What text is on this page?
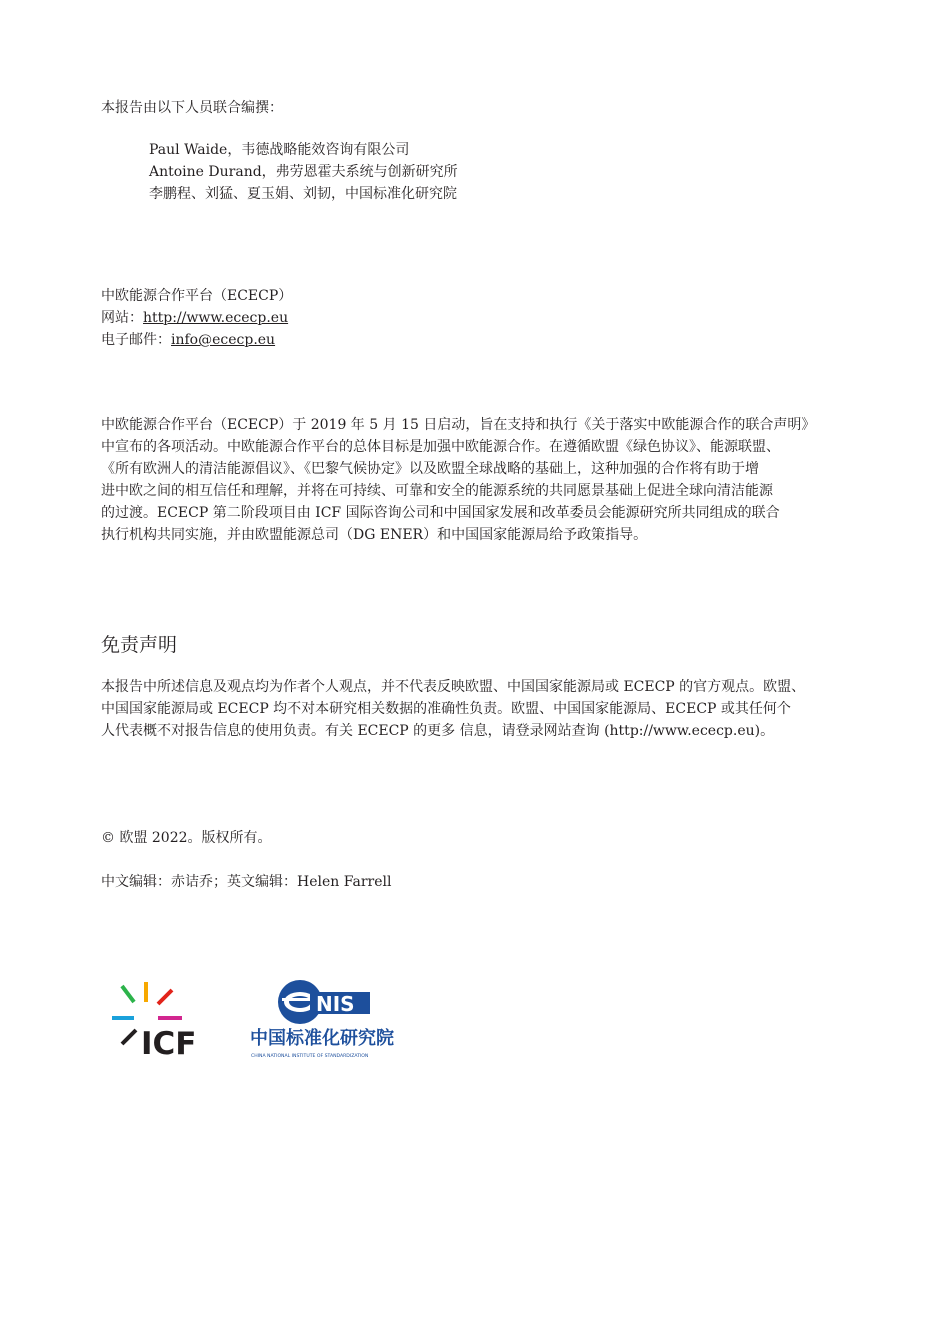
本报告由以下人员联合编撰：
Paul Waide，韦德战略能效咨询有限公司
Antoine Durand，弗劳恩霍夫系统与创新研究所
李鹏程、刘猛、夏玉娟、刘韧，中国标准化研究院
中欧能源合作平台（ECECP）
网站：http://www.ececp.eu
电子邮件：info@ececp.eu
中欧能源合作平台（ECECP）于 2019 年 5 月 15 日启动，旨在支持和执行《关于落实中欧能源合作的联合声明》
中宣布的各项活动。中欧能源合作平台的总体目标是加强中欧能源合作。在遵循欧盟《绿色协议》、能源联盟、
《所有欧洲人的清洁能源倡议》、《巴黎气候协定》以及欧盟全球战略的基础上，这种加强的合作将有助于增
进中欧之间的相互信任和理解，并将在可持续、可靠和安全的能源系统的共同愿景基础上促进全球向清洁能源
的过渡。ECECP 第二阶段项目由 ICF 国际咨询公司和中国国家发展和改革委员会能源研究所共同组成的联合
执行机构共同实施，并由欧盟能源总司（DG ENER）和中国国家能源局给予政策指导。
免责声明
本报告中所述信息及观点均为作者个人观点，并不代表反映欧盟、中国国家能源局或 ECECP 的官方观点。欧盟、
中国国家能源局或 ECECP 均不对本研究相关数据的准确性负责。欧盟、中国国家能源局、ECECP 或其任何个
人代表概不对报告信息的使用负责。有关 ECECP 的更多 信息，请登录网站查询 (http://www.ececp.eu)。
© 欧盟 2022。版权所有。
中文编辑：赤诘乔；英文编辑：Helen Farrell
ICF
NIS
中国标准化研究院
CHINA NATIONAL INSTITUTE OF STANDARDIZATION
